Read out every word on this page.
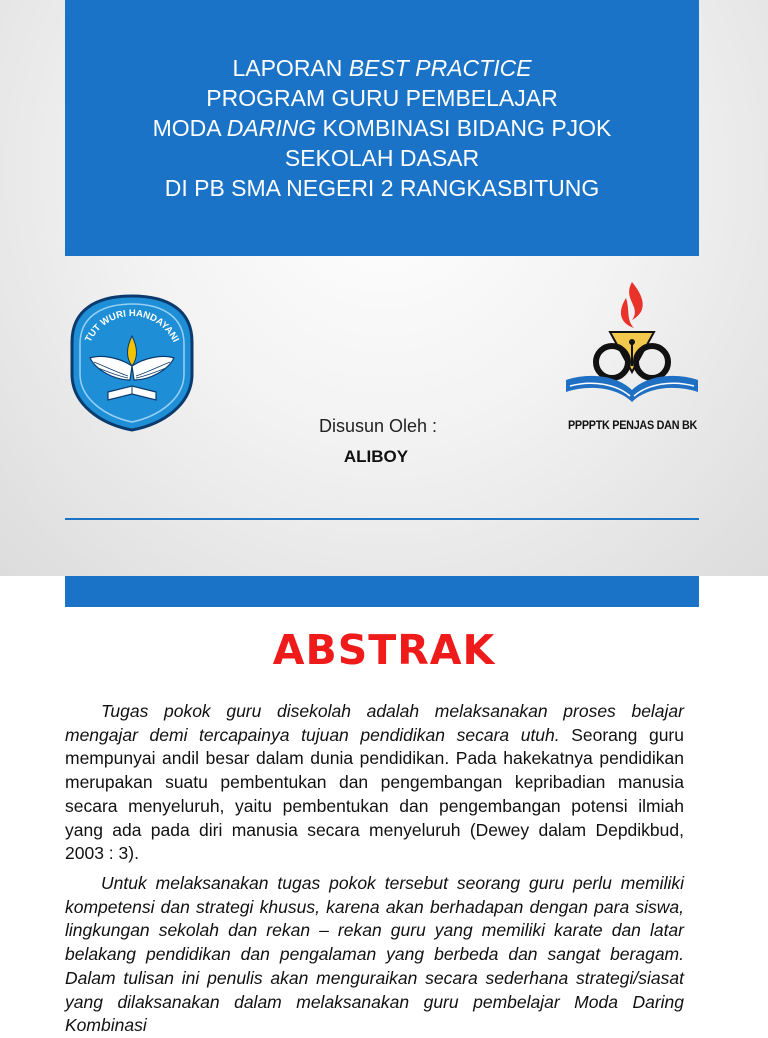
LAPORAN BEST PRACTICE
PROGRAM GURU PEMBELAJAR
MODA DARING KOMBINASI BIDANG PJOK
SEKOLAH DASAR
DI PB SMA NEGERI 2 RANGKASBITUNG
TUT WURI HANDAYANI
PPPPTK PENJAS DAN BK
Disusun Oleh :
ALIBOY
ABSTRAK
Tugas pokok guru disekolah adalah melaksanakan proses belajar mengajar demi tercapainya tujuan pendidikan secara utuh. Seorang guru mempunyai andil besar dalam dunia pendidikan. Pada hakekatnya pendidikan merupakan suatu pembentukan dan pengembangan kepribadian manusia secara menyeluruh, yaitu pembentukan dan pengembangan potensi ilmiah yang ada pada diri manusia secara menyeluruh (Dewey dalam Depdikbud, 2003 : 3).
Untuk melaksanakan tugas pokok tersebut seorang guru perlu memiliki kompetensi dan strategi khusus, karena akan berhadapan dengan para siswa, lingkungan sekolah dan rekan – rekan guru yang memiliki karate dan latar belakang pendidikan dan pengalaman yang berbeda dan sangat beragam. Dalam tulisan ini penulis akan menguraikan secara sederhana strategi/siasat yang dilaksanakan dalam melaksanakan guru pembelajar Moda Daring Kombinasi
